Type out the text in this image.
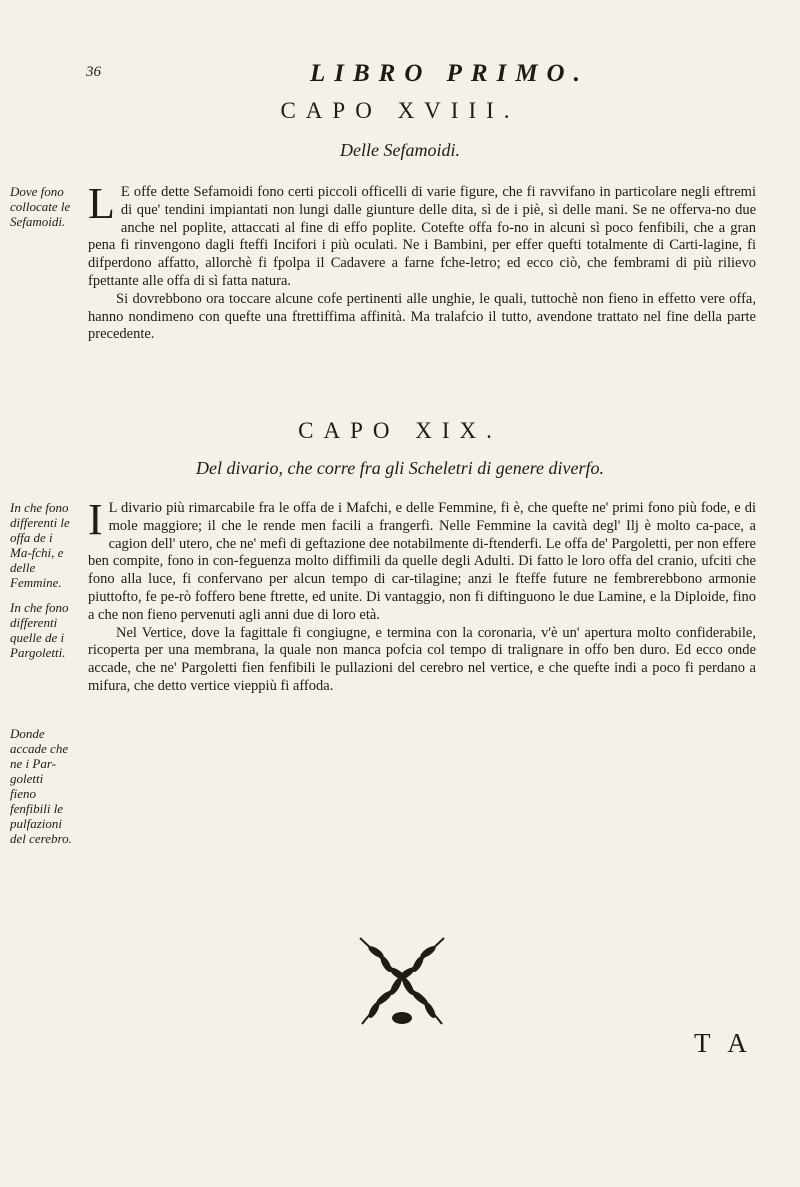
36	LIBRO PRIMO.
CAPO XVIII.
Delle Sefamoidi.
Dove fono collocate le Sefamoidi. L E offe dette Sefamoidi fono certi piccoli officelli di varie figure, che fi ravvifano in particolare negli eftremi di que' tendini impiantati non lungi dalle giunture delle dita, sì de i piè, sì delle mani. Se ne offerva-no due anche nel poplite, attaccati al fine di effo poplite. Cotefte offa fo-no in alcuni sì poco fenfibili, che a gran pena fi rinvengono dagli fteffi Incifori i più oculati. Ne i Bambini, per effer quefti totalmente di Carti-lagine, fi difperdono affatto, allorchè fi fpolpa il Cadavere a farne fche-letro; ed ecco ciò, che fembrami di più rilievo fpettante alle offa di sì fatta natura.

Si dovrebbono ora toccare alcune cofe pertinenti alle unghie, le quali, tuttochè non fieno in effetto vere offa, hanno nondimeno con quefte una ftrettiffima affinità. Ma tralafcio il tutto, avendone trattato nel fine della parte precedente.

CAPO XIX.
Del divario, che corre fra gli Scheletri di genere diverfo.
In che fono differenti le offa de i Ma-fchi, e delle Femmine.
In che fono differenti quelle de i Pargoletti.
Donde accade che ne i Par-goletti fieno fenfibili le pulfazioni del cerebro.

I L divario più rimarcabile fra le offa de i Mafchi, e delle Femmine, fi è, che quefte ne' primi fono più fode, e di mole maggiore; il che le rende men facili a frangerfi. Nelle Femmine la cavità degl' Ilj è molto ca-pace, a cagion dell' utero, che ne' mefi di geftazione dee notabilmente di-ftenderfi. Le offa de' Pargoletti, per non effere ben compite, fono in con-feguenza molto diffimili da quelle degli Adulti. Di fatto le loro offa del cranio, ufciti che fono alla luce, fi confervano per alcun tempo di car-tilagine; anzi le fteffe future ne fembrerebbono armonie piuttofto, fe pe-rò foffero bene ftrette, ed unite. Di vantaggio, non fi diftinguono le due Lamine, e la Diploide, fino a che non fieno pervenuti agli anni due di loro età.

Nel Vertice, dove la fagittale fi congiugne, e termina con la coronaria, v'è un' apertura molto confiderabile, ricoperta per una membrana, la quale non manca pofcia col tempo di tralignare in offo ben duro. Ed ecco onde accade, che ne' Pargoletti fien fenfibili le pullazioni del cerebro nel vertice, e che quefte indi a poco fi perdano a mifura, che detto vertice vieppiù fi affoda.

T A
